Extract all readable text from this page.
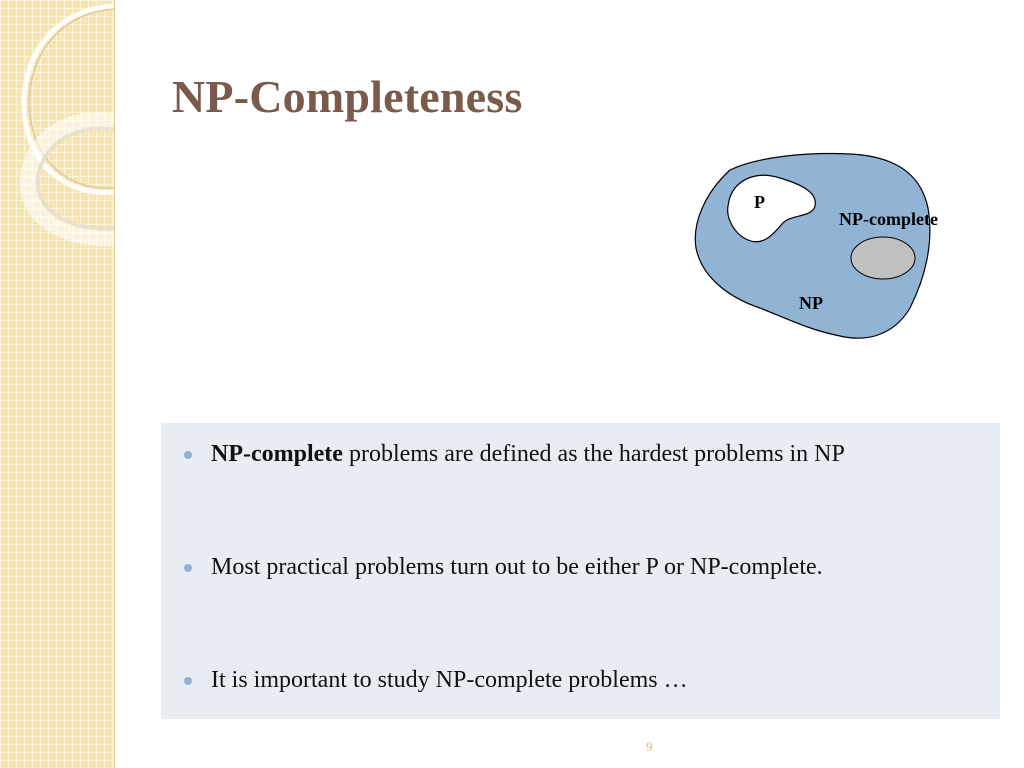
NP-Completeness
P
NP-complete
NP
NP-complete problems are defined as the hardest problems in NP
Most practical problems turn out to be either P or NP-complete.
It is important to study NP-complete problems …
9
